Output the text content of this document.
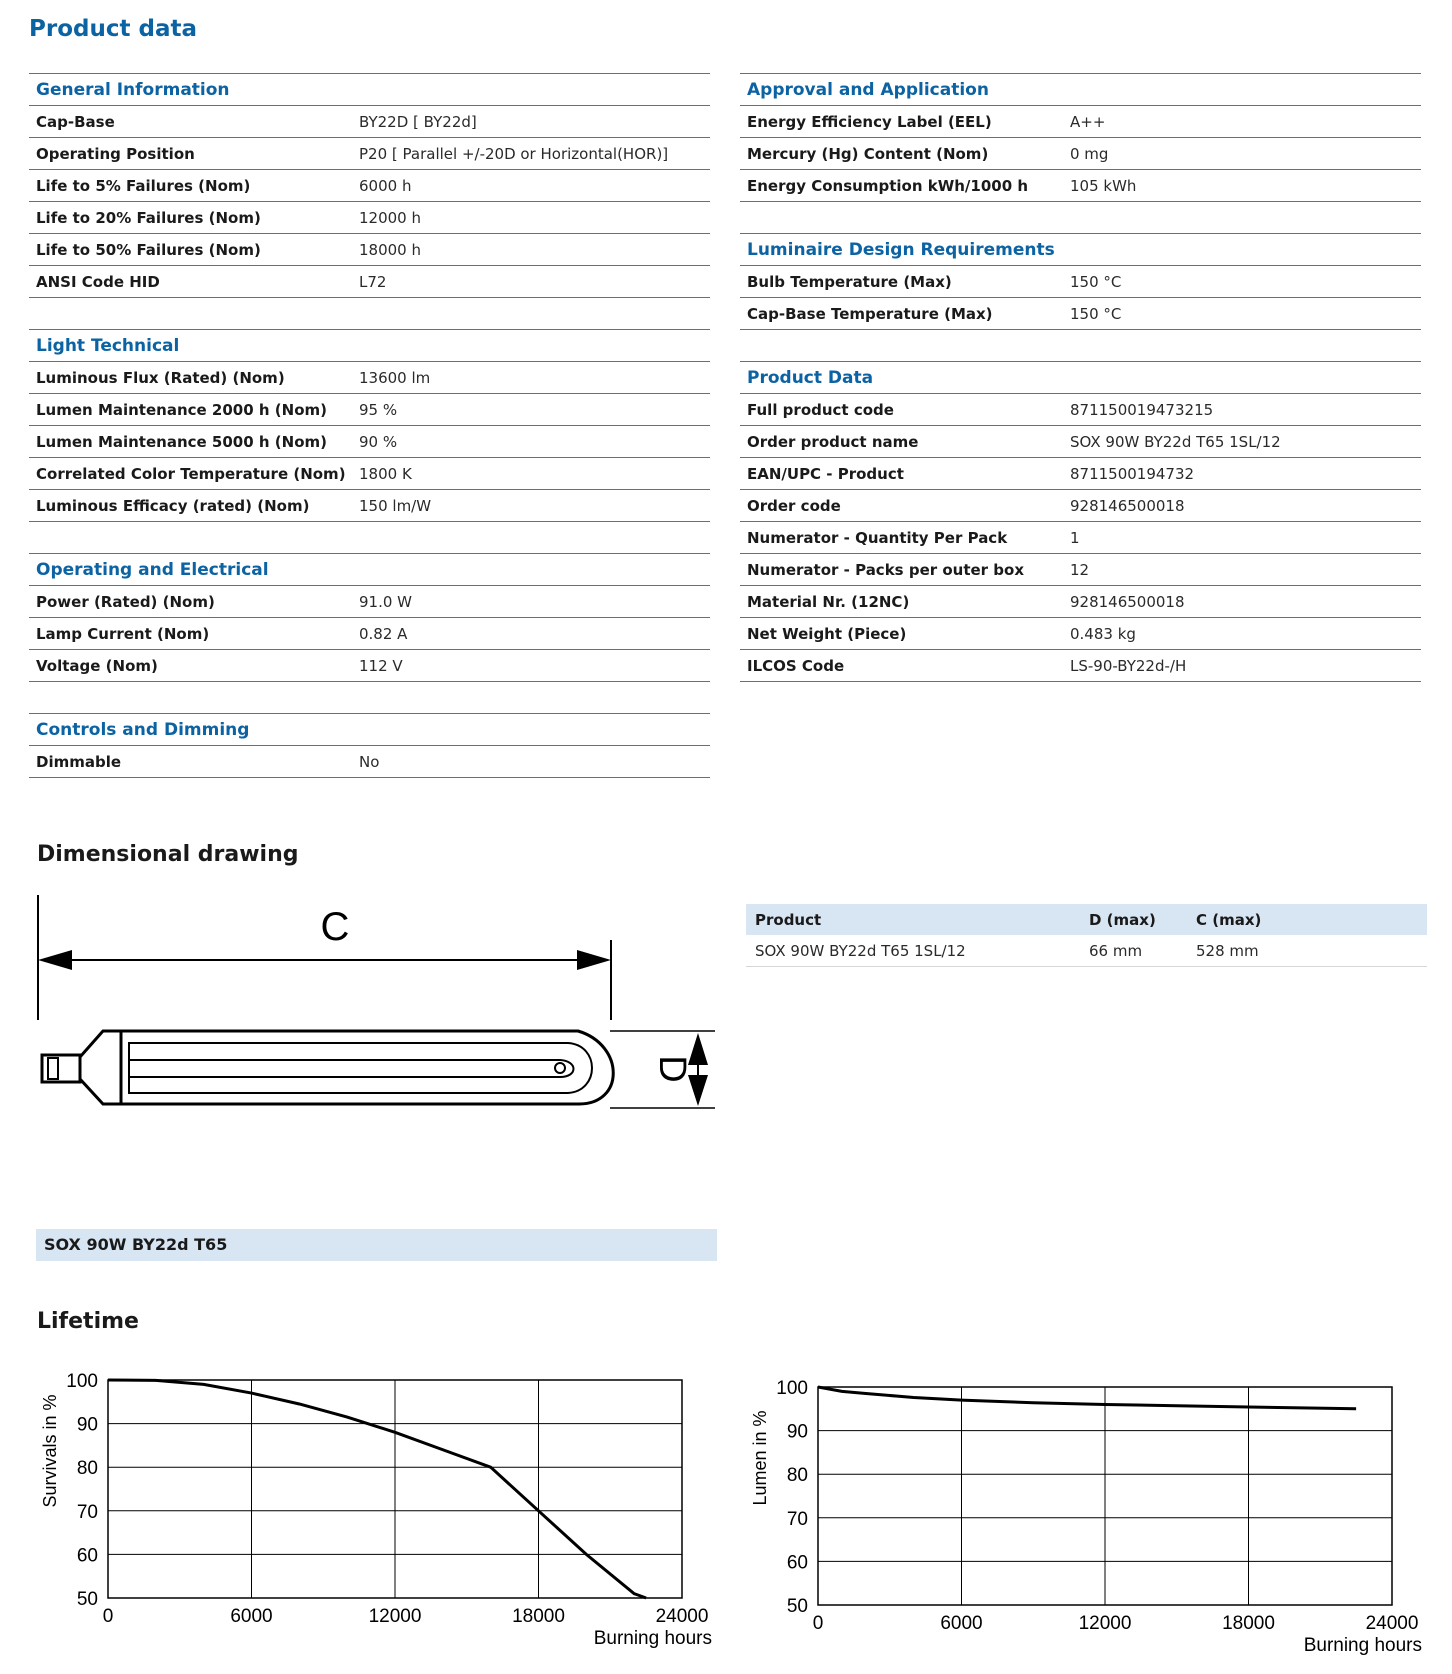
Product data
General Information	
Cap-Base	BY22D [ BY22d]
Operating Position	P20 [ Parallel +/-20D or Horizontal(HOR)]
Life to 5% Failures (Nom)	6000 h
Life to 20% Failures (Nom)	12000 h
Life to 50% Failures (Nom)	18000 h
ANSI Code HID	L72

Light Technical	
Luminous Flux (Rated) (Nom)	13600 lm
Lumen Maintenance 2000 h (Nom)	95 %
Lumen Maintenance 5000 h (Nom)	90 %
Correlated Color Temperature (Nom)	1800 K
Luminous Efficacy (rated) (Nom)	150 lm/W

Operating and Electrical	
Power (Rated) (Nom)	91.0 W
Lamp Current (Nom)	0.82 A
Voltage (Nom)	112 V

Controls and Dimming	
Dimmable	No
Approval and Application	
Energy Efficiency Label (EEL)	A++
Mercury (Hg) Content (Nom)	0 mg
Energy Consumption kWh/1000 h	105 kWh

Luminaire Design Requirements	
Bulb Temperature (Max)	150 °C
Cap-Base Temperature (Max)	150 °C

Product Data	
Full product code	871150019473215
Order product name	SOX 90W BY22d T65 1SL/12
EAN/UPC - Product	8711500194732
Order code	928146500018
Numerator - Quantity Per Pack	1
Numerator - Packs per outer box	12
Material Nr. (12NC)	928146500018
Net Weight (Piece)	0.483 kg
ILCOS Code	LS-90-BY22d-/H
Dimensional drawing
C
D
Product	D (max)	C (max)
SOX 90W BY22d T65 1SL/12	66 mm	528 mm
SOX 90W BY22d T65
Lifetime
0	6000	12000	18000	24000
50
60
70
80
90
100
Survivals in %
Burning hours
0	6000	12000	18000	24000
50
60
70
80
90
100
Lumen in %
Burning hours
